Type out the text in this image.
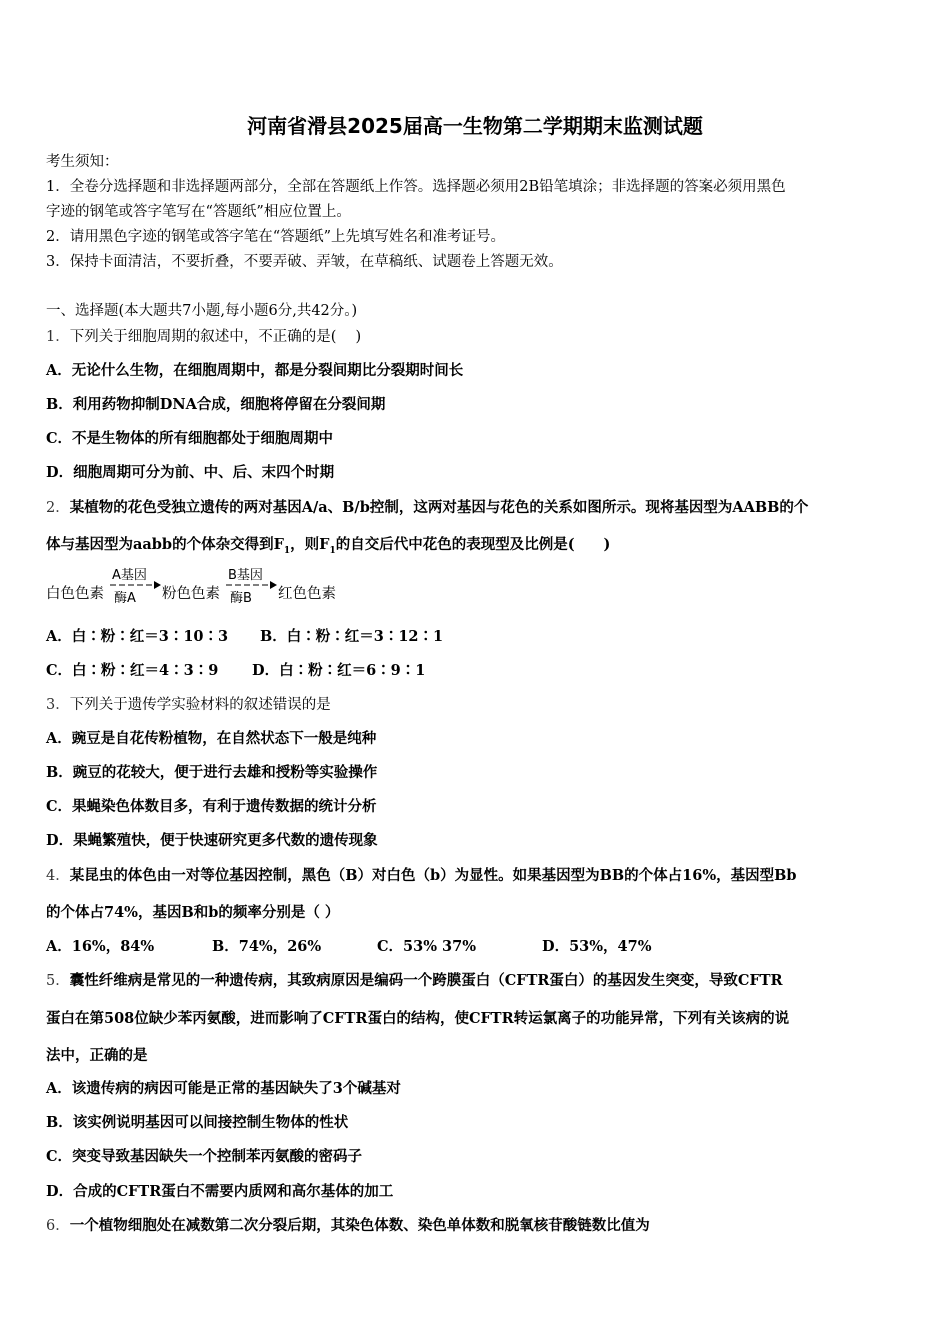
河南省滑县2025届高一生物第二学期期末监测试题
考生须知：
1．全卷分选择题和非选择题两部分，全部在答题纸上作答。选择题必须用2B铅笔填涂；非选择题的答案必须用黑色
字迹的钢笔或答字笔写在“答题纸”相应位置上。
2．请用黑色字迹的钢笔或答字笔在“答题纸”上先填写姓名和准考证号。
3．保持卡面清洁，不要折叠，不要弄破、弄皱，在草稿纸、试题卷上答题无效。
一、选择题(本大题共7小题,每小题6分,共42分。)
1．下列关于细胞周期的叙述中，不正确的是(　 )
A．无论什么生物，在细胞周期中，都是分裂间期比分裂期时间长
B．利用药物抑制DNA合成，细胞将停留在分裂间期
C．不是生物体的所有细胞都处于细胞周期中
D．细胞周期可分为前、中、后、末四个时期
2．某植物的花色受独立遗传的两对基因A/a、B/b控制，这两对基因与花色的关系如图所示。现将基因型为AABB的个
体与基因型为aabb的个体杂交得到$F_1$，则$F_1$的自交后代中花色的表现型及比例是(　　)
白色色素
A基因
酶A 粉色色素
B基因
酶B 红色色素
A．白∶粉∶红＝3∶10∶3 B．白∶粉∶红＝3∶12∶1
C．白∶粉∶红＝4∶3∶9 D．白∶粉∶红＝6∶9∶1
3．下列关于遗传学实验材料的叙述错误的是
A．豌豆是自花传粉植物，在自然状态下一般是纯种
B．豌豆的花较大，便于进行去雄和授粉等实验操作
C．果蝇染色体数目多，有利于遗传数据的统计分析
D．果蝇繁殖快，便于快速研究更多代数的遗传现象
4．某昆虫的体色由一对等位基因控制，黑色（B）对白色（b）为显性。如果基因型为BB的个体占16%，基因型Bb
的个体占74%，基因B和b的频率分别是（ ）
A．16%，84%	B．74%，26%	C．53% 37%	D．53%，47%
5．囊性纤维病是常见的一种遗传病，其致病原因是编码一个跨膜蛋白（CFTR蛋白）的基因发生突变，导致CFTR
蛋白在第508位缺少苯丙氨酸，进而影响了CFTR蛋白的结构，使CFTR转运氯离子的功能异常，下列有关该病的说
法中，正确的是
A．该遗传病的病因可能是正常的基因缺失了3个碱基对
B．该实例说明基因可以间接控制生物体的性状
C．突变导致基因缺失一个控制苯丙氨酸的密码子
D．合成的CFTR蛋白不需要内质网和高尔基体的加工
6．一个植物细胞处在减数第二次分裂后期，其染色体数、染色单体数和脱氧核苷酸链数比值为
